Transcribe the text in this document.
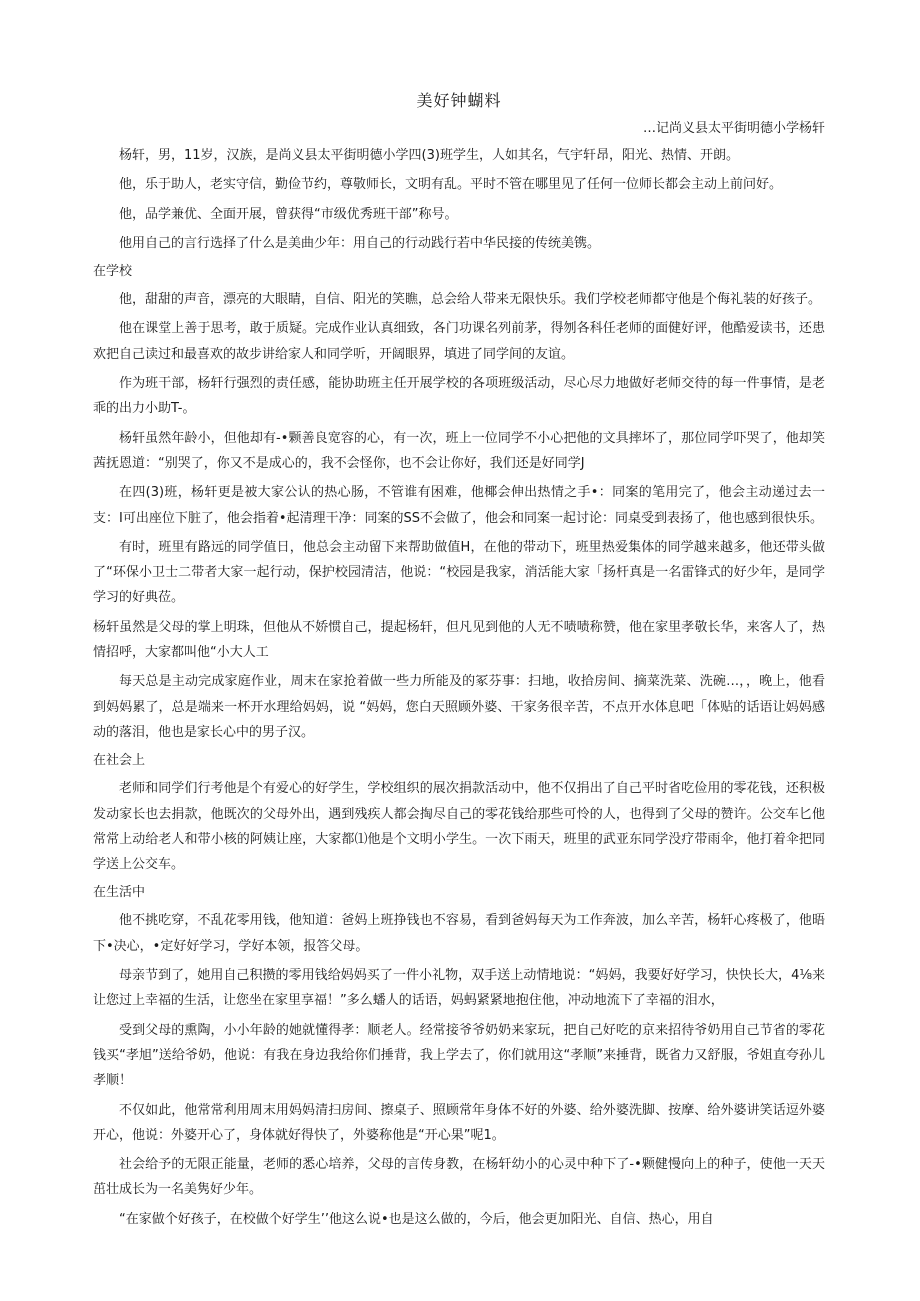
美好钟蝴料
…记尚义县太平街明德小学杨轩

杨轩，男，11岁，汉族，是尚义县太平街明德小学四(3)班学生，人如其名，气宇轩昂，阳光、热情、开朗。

他，乐于助人，老实守信，勤俭节约，尊敬师长，文明有乱。平时不管在哪里见了任何一位师长都会主动上前问好。

他，品学兼优、全面开展，曾获得“市级优秀班干部”称号。

他用自己的言行选择了什么是美曲少年：用自己的行动践行若中华民接的传统美镌。

在学校

他，甜甜的声音，漂亮的大眼睛，自信、阳光的笑瞧，总会给人带来无限快乐。我们学校老师都守他是个侮礼装的好孩子。

他在课堂上善于思考，敢于质疑。完成作业认真细致，各门功课名列前茅，得刎各科任老师的面健好评，他酷爱读书，还患欢把自己读过和最喜欢的故步讲给家人和同学听，开阔眼界，填进了同学间的友谊。

作为班干部，杨轩行强烈的责任感，能协助班主任开展学校的各项班级活动，尽心尽力地做好老师交待的每一件事情，是老乖的出力小助T-。

杨轩虽然年龄小，但他却有-•颗善良宽容的心，有一次，班上一位同学不小心把他的文具摔坏了，那位同学吓哭了，他却笑茜抚恩道：“别哭了，你又不是成心的，我不会怪你，也不会让你好，我们还是好同学J

在四(3)班，杨轩更是被大家公认的热心肠，不管谁有困难，他椰会伸出热情之手•：同案的笔用完了，他会主动递过去一支：I可出座位下脏了，他会指着•起清理干净：同案的SS不会做了，他会和同案一起讨论：同桌受到表扬了，他也感到很快乐。

有时，班里有路远的同学值日，他总会主动留下来帮助做值H，在他的带动下，班里热爱集体的同学越来越多，他还带头做了“环保小卫士二带者大家一起行动，保护校园清洁，他说：“校园是我家，消活能大家「扬杆真是一名雷锋式的好少年，是同学学习的好典莅。

杨轩虽然是父母的掌上明珠，但他从不娇惯自己，提起杨轩，但凡见到他的人无不啧啧称赞，他在家里孝敬长华，来客人了，热情招呼，大家都叫他“小大人工

每天总是主动完成家庭作业，周末在家抢着做一些力所能及的冢芬事：扫地，收拾房间、摘菜洗菜、洗碗…，，晚上，他看到妈妈累了，总是端来一杯开水理给妈妈，说 “妈妈，您白天照顾外婆、干家务很辛苦，不点开水体息吧「体贴的话语让妈妈感动的落泪，他也是家长心中的男子汉。

在社会上

老师和同学们行考他是个有爱心的好学生，学校组织的展次捐款活动中，他不仅捐出了自己平时省吃俭用的零花钱，还积极发动家长也去捐款，他既次的父母外出，遇到残疾人都会掏尽自己的零花钱给那些可怜的人，也得到了父母的赞许。公交车匕他常常上动给老人和带小核的阿姨让座，大家都⑴他是个文明小学生。一次下雨天，班里的武亚东同学没疗带雨伞，他打着伞把同学送上公交车。

在生活中

他不挑吃穿，不乱花零用钱，他知道：爸妈上班挣钱也不容易，看到爸妈每天为工作奔波，加么辛苦，杨轩心疼极了，他晤下•决心，•定好好学习，学好本领，报答父母。

母亲节到了，她用自己积攒的零用钱给妈妈买了一件小礼物，双手送上动情地说：“妈妈，我要好好学习，快快长大，4⅛来让您过上幸福的生活，让您坐在家里享福！”多么蟠人的话语，妈蚂紧紧地抱住他，冲动地流下了幸福的泪水，

受到父母的熏陶，小小年龄的她就懂得孝：顺老人。经常接爷爷奶奶来家玩，把自己好吃的京来招待爷奶用自己节省的零花钱买“孝旭”送给爷奶，他说：有我在身边我给你们捶背，我上学去了，你们就用这“孝顺”来捶背，既省力又舒服，爷姐直夸孙儿孝顺！

不仅如此，他常常利用周末用妈妈清扫房间、擦桌子、照顾常年身体不好的外婆、给外婆洗脚、按摩、给外婆讲笑话逗外婆开心，他说：外婆开心了，身体就好得快了，外婆称他是“开心果”呢1。

社会给予的无限正能量，老师的悉心培养，父母的言传身教，在杨轩幼小的心灵中种下了-•颗健慢向上的种子，使他一天天茁壮成长为一名美隽好少年。

“在家做个好孩子，在校做个好学生’’他这么说•也是这么做的，今后，他会更加阳光、自信、热心，用自
